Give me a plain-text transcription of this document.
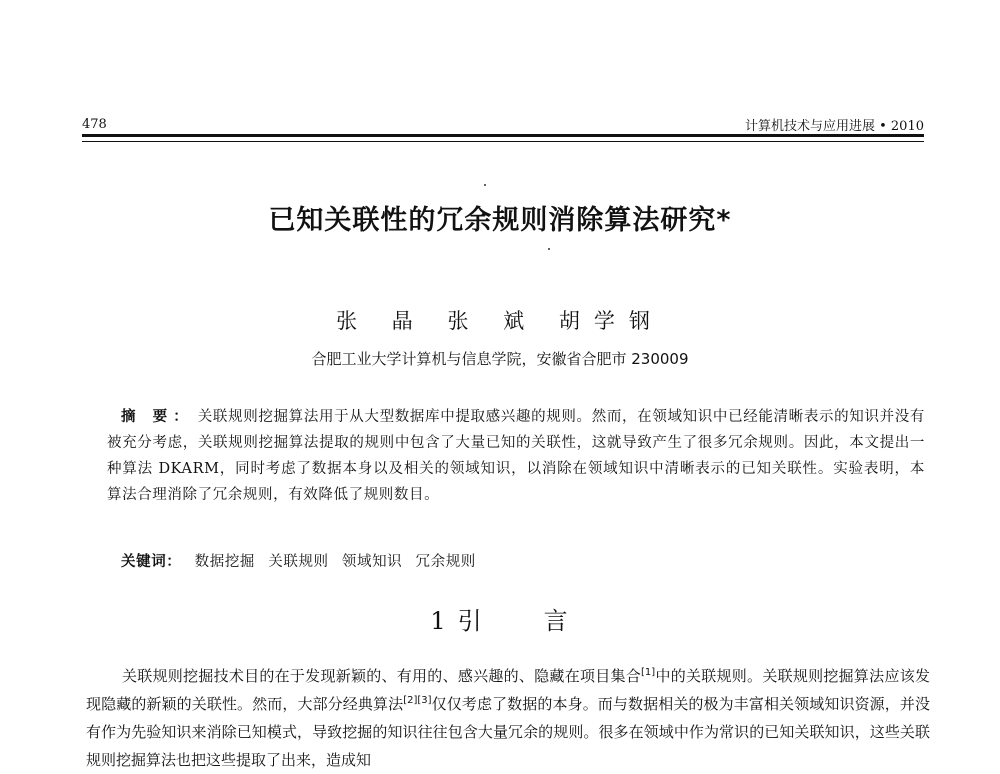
478	计算机技术与应用进展 • 2010
已知关联性的冗余规则消除算法研究*
张 晶 张 斌 胡学钢
合肥工业大学计算机与信息学院，安徽省合肥市 230009
摘 要： 关联规则挖掘算法用于从大型数据库中提取感兴趣的规则。然而，在领域知识中已经能清晰表示的知识并没有被充分考虑，关联规则挖掘算法提取的规则中包含了大量已知的关联性，这就导致产生了很多冗余规则。因此，本文提出一种算法 DKARM，同时考虑了数据本身以及相关的领域知识，以消除在领域知识中清晰表示的已知关联性。实验表明，本算法合理消除了冗余规则，有效降低了规则数目。
关键词： 数据挖掘 关联规则 领域知识 冗余规则
1 引	言

关联规则挖掘技术目的在于发现新颖的、有用的、感兴趣的、隐藏在项目集合[1]中的关联规则。关联规则挖掘算法应该发现隐藏的新颖的关联性。然而，大部分经典算法[2][3]仅仅考虑了数据的本身。而与数据相关的极为丰富相关领域知识资源，并没有作为先验知识来消除已知模式，导致挖掘的知识往往包含大量冗余的规则。很多在领域中作为常识的已知关联知识，这些关联规则挖掘算法也把这些提取了出来，造成知
